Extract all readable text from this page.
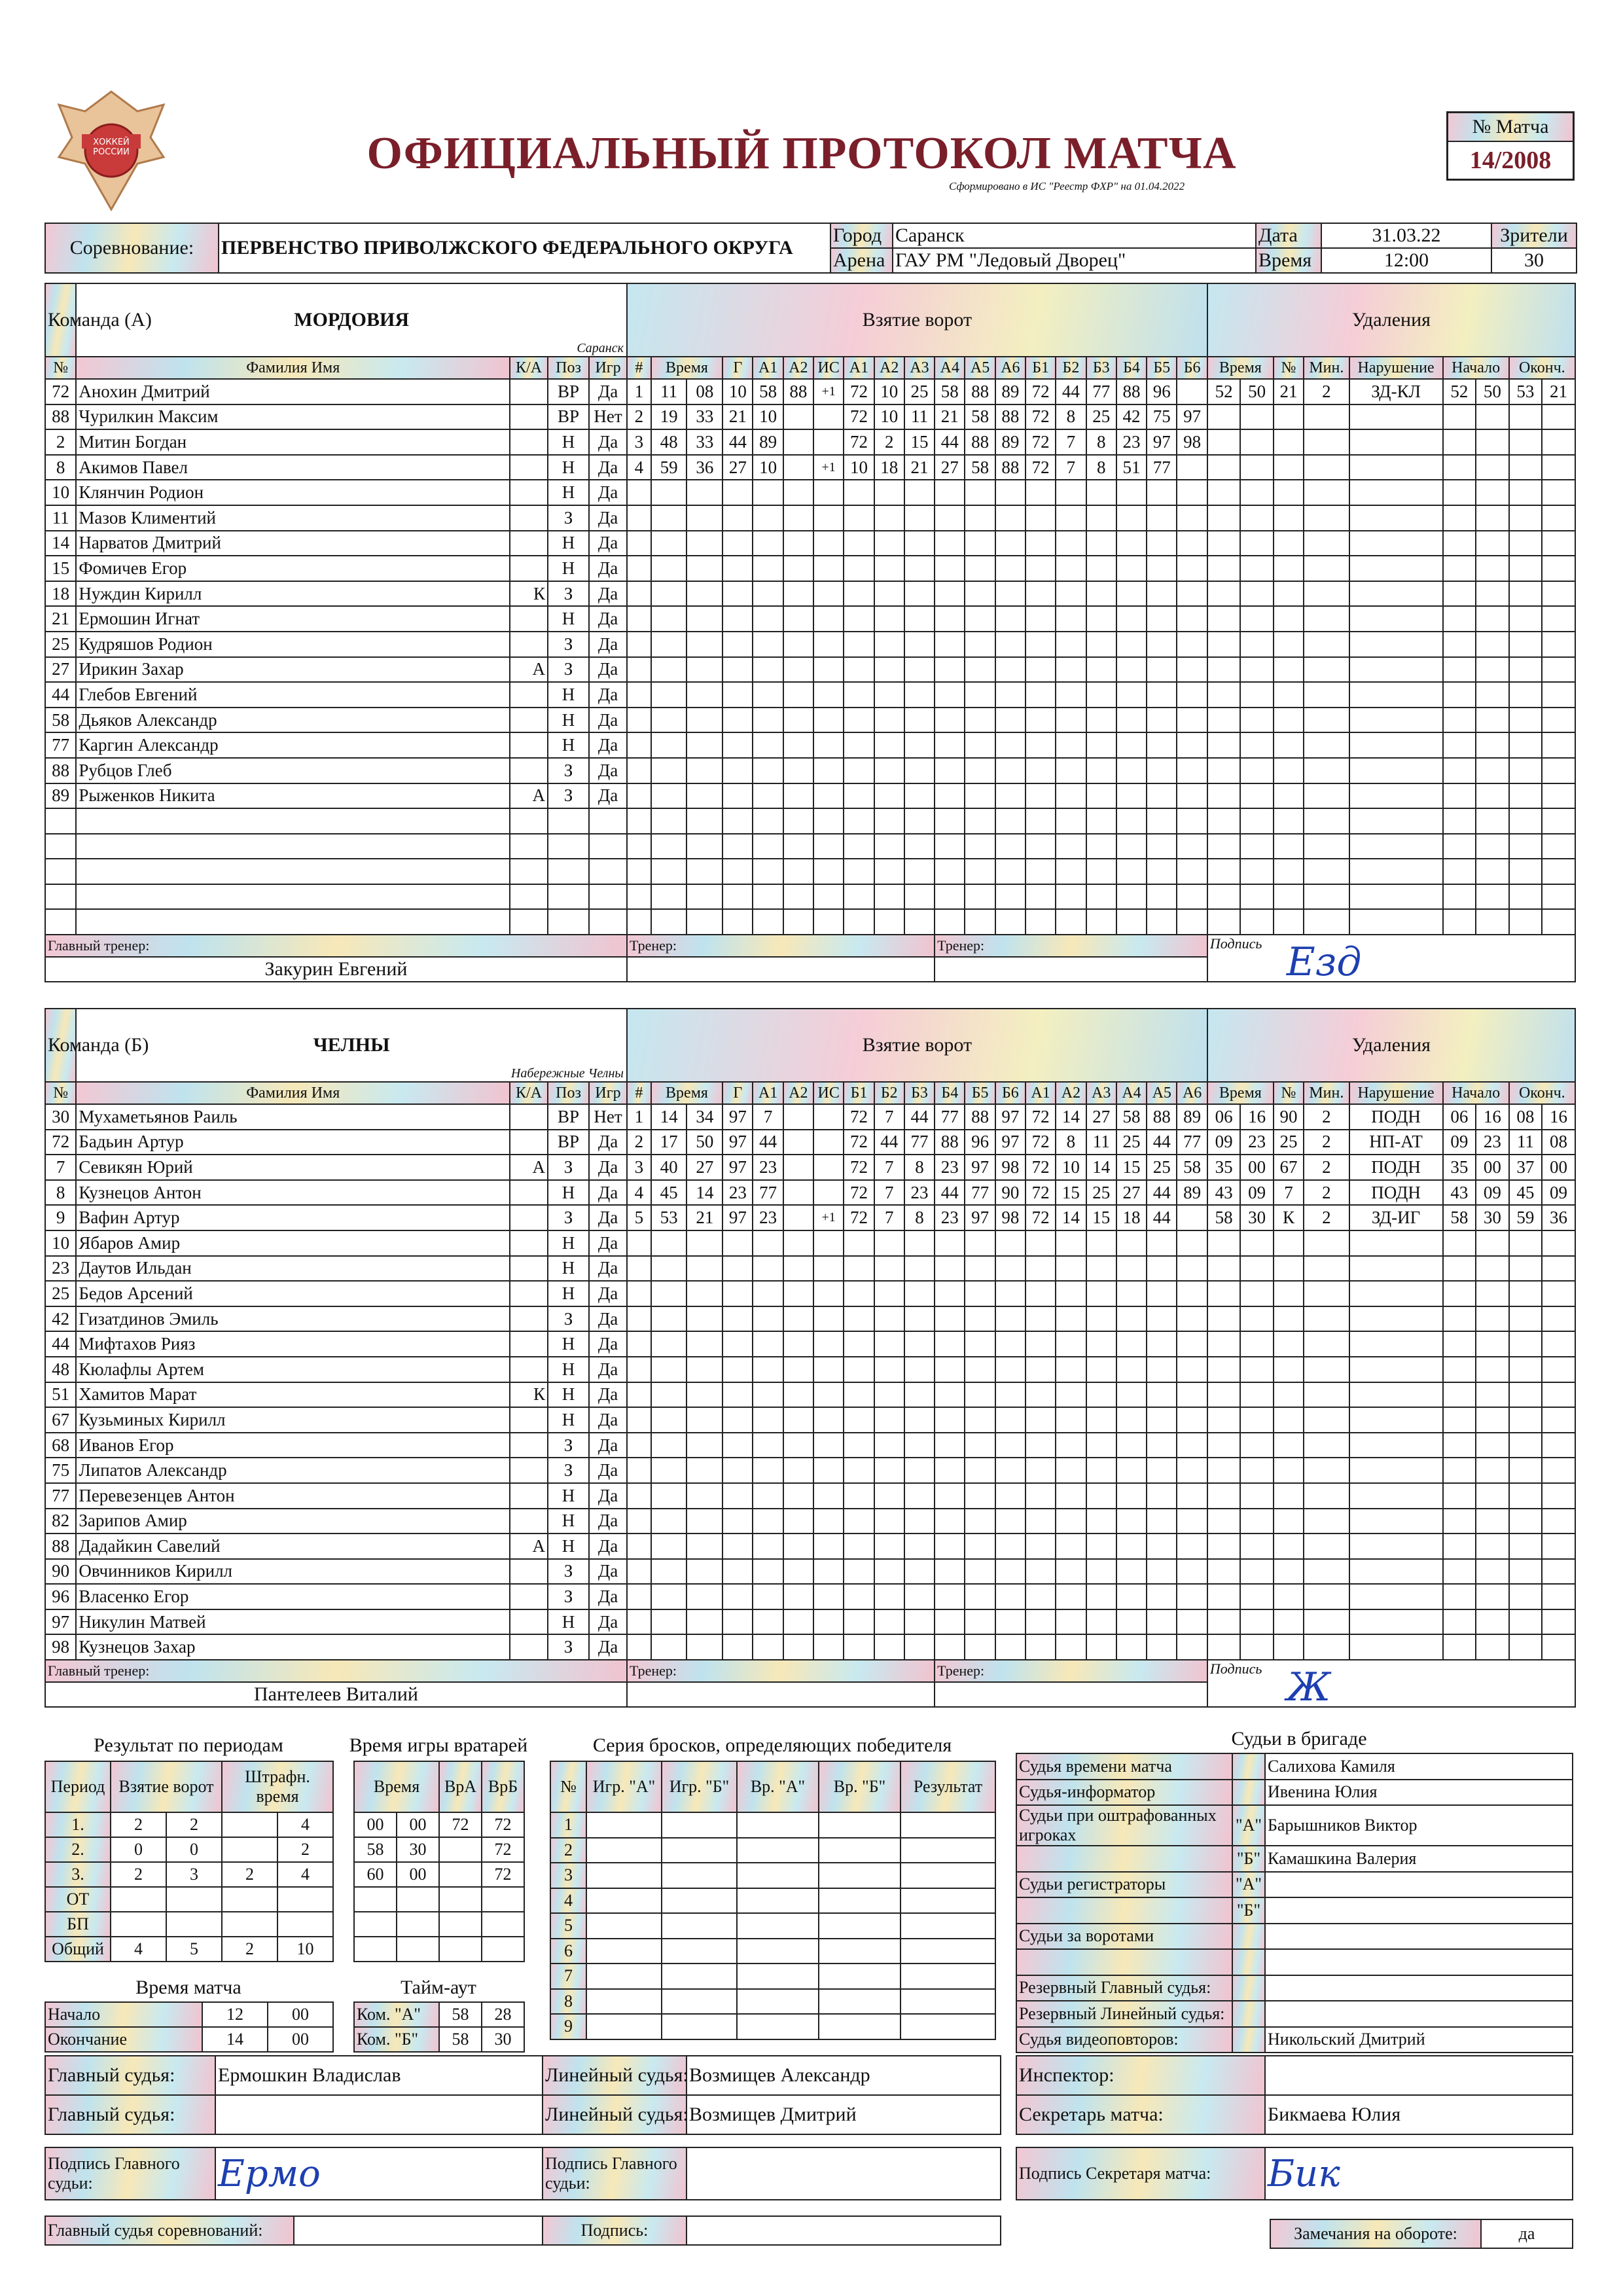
ХОККЕЙ РОССИИ	ОФИЦИАЛЬНЫЙ ПРОТОКОЛ МАТЧА
Сформировано в ИС "Реестр ФХР" на 01.04.2022
№ Матча
14/2008
Соревнование:	ПЕРВЕНСТВО ПРИВОЛЖСКОГО ФЕДЕРАЛЬНОГО ОКРУГА	Город	Саранск	Дата	31.03.22	Зрители
		Арена	ГАУ РМ "Ледовый Дворец"	Время	12:00	30
Команда (А)	МОРДОВИЯ
Саранск				Взятие ворот																			Удаления								
№	Фамилия Имя	К/А	Поз	Игр	#	Время		Г	А1	А2	ИС	А1	А2	А3	А4	А5	А6	Б1	Б2	Б3	Б4	Б5	Б6	Время		№	Мин.	Нарушение	Начало		Оконч.	
72	Анохин Дмитрий		ВР	Да	1	11	08	10	58	88	+1	72	10	25	58	88	89	72	44	77	88	96		52	50	21	2	ЗД-КЛ	52	50	53	21
88	Чурилкин Максим		ВР	Нет	2	19	33	21	10			72	10	11	21	58	88	72	8	25	42	75	97									
2	Митин Богдан		Н	Да	3	48	33	44	89			72	2	15	44	88	89	72	7	8	23	97	98									
8	Акимов Павел		Н	Да	4	59	36	27	10		+1	10	18	21	27	58	88	72	7	8	51	77										
10	Клянчин Родион		Н	Да																												
11	Мазов Климентий		З	Да																												
14	Нарватов Дмитрий		Н	Да																												
15	Фомичев Егор		Н	Да																												
18	Нуждин Кирилл	К	З	Да																												
21	Ермошин Игнат		Н	Да																												
25	Кудряшов Родион		З	Да																												
27	Ирикин Захар	А	З	Да																												
44	Глебов Евгений		Н	Да																												
58	Дьяков Александр		Н	Да																												
77	Каргин Александр		Н	Да																												
88	Рубцов Глеб		З	Да																												
89	Рыженков Никита	А	З	Да																												

Главный тренер:					Тренер:										Тренер:									Подпись Езд								

Закурин Евгений																																
Команда (Б)	ЧЕЛНЫ
Набережные Челны				Взятие ворот																			Удаления								
№	Фамилия Имя	К/А	Поз	Игр	#	Время		Г	А1	А2	ИС	Б1	Б2	Б3	Б4	Б5	Б6	А1	А2	А3	А4	А5	А6	Время		№	Мин.	Нарушение	Начало		Оконч.	
30	Мухаметьянов Раиль		ВР	Нет	1	14	34	97	7			72	7	44	77	88	97	72	14	27	58	88	89	06	16	90	2	ПОДН	06	16	08	16
72	Бадьин Артур		ВР	Да	2	17	50	97	44			72	44	77	88	96	97	72	8	11	25	44	77	09	23	25	2	НП-АТ	09	23	11	08
7	Севикян Юрий	А	З	Да	3	40	27	97	23			72	7	8	23	97	98	72	10	14	15	25	58	35	00	67	2	ПОДН	35	00	37	00
8	Кузнецов Антон		Н	Да	4	45	14	23	77			72	7	23	44	77	90	72	15	25	27	44	89	43	09	7	2	ПОДН	43	09	45	09
9	Вафин Артур		З	Да	5	53	21	97	23		+1	72	7	8	23	97	98	72	14	15	18	44		58	30	К	2	ЗД-ИГ	58	30	59	36
10	Ябаров Амир		Н	Да																												
23	Даутов Ильдан		Н	Да																												
25	Бедов Арсений		Н	Да																												
42	Гизатдинов Эмиль		З	Да																												
44	Мифтахов Рияз		Н	Да																												
48	Кюлафлы Артем		Н	Да																												
51	Хамитов Марат	К	Н	Да																												
67	Кузьминых Кирилл		Н	Да																												
68	Иванов Егор		З	Да																												
75	Липатов Александр		З	Да																												
77	Перевезенцев Антон		Н	Да																												
82	Зарипов Амир		Н	Да																												
88	Дадайкин Савелий	А	Н	Да																												
90	Овчинников Кирилл		З	Да																												
96	Власенко Егор		З	Да																												
97	Никулин Матвей		Н	Да																												
98	Кузнецов Захар		З	Да																												
Главный тренер:					Тренер:										Тренер:									Подпись Ж								

Пантелеев Виталий																																
Результат по периодам
Период	Взятие ворот		Штрафн. время	
1.	2	2		4
2.	0	0		2
3.	2	3	2	4
ОТ				
БП				
Общий	4	5	2	10
Время игры вратарей
Время		ВрА	ВрБ
00	00	72	72
58	30		72
60	00		72

Время матча
Начало	12	00
Окончание	14	00
Тайм-аут
Ком. "А"	58	28
Ком. "Б"	58	30
Серия бросков, определяющих победителя
№	Игр. "А"	Игр. "Б"	Вр. "А"	Вр. "Б"	Результат
1					
2					
3					
4					
5					
6					
7					
8					
9					
Судьи в бригаде
Судья времени матча		Салихова Камиля
Судья-информатор		Ивенина Юлия
Судьи при оштрафованных игроках	"А"	Барышников Виктор
	"Б"	Камашкина Валерия
Судьи регистраторы	"А"	
	"Б"	
Судьи за воротами		

Резервный Главный судья:		
Резервный Линейный судья:		
Судья видеоповторов:		Никольский Дмитрий
Главный судья:	Ермошкин Владислав	Линейный судья:	Возмищев Александр
Главный судья:		Линейный судья:	Возмищев Дмитрий
Инспектор:	
Секретарь матча:	Бикмаева Юлия
Подпись Главного судьи:	Ермо	Подпись Главного судьи:	
Подпись Секретаря матча:	Бик
Главный судья соревнований:		Подпись:		Замечания на обороте:	да
